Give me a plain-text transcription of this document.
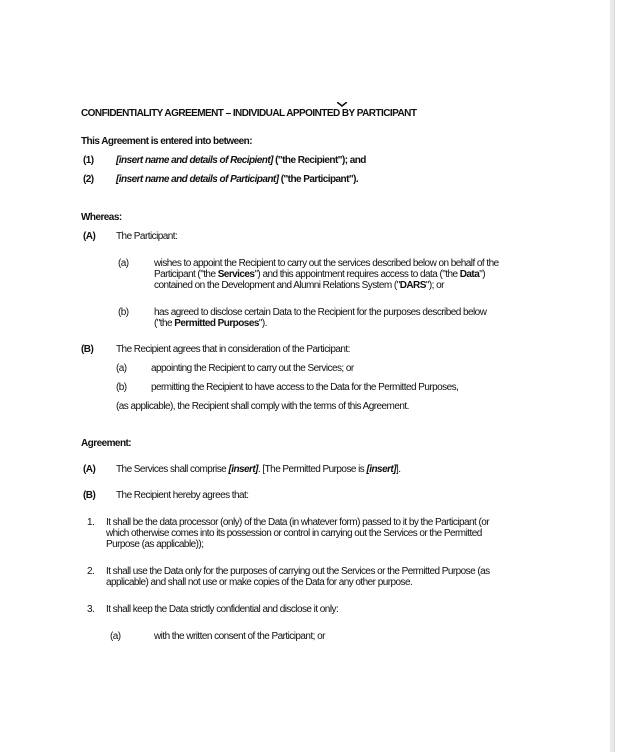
CONFIDENTIALITY AGREEMENT – INDIVIDUAL APPOINTED BY PARTICIPANT
This Agreement is entered into between:
(1) [insert name and details of Recipient] ("the Recipient"); and
(2) [insert name and details of Participant] ("the Participant").
Whereas:
(A) The Participant:
(a)	wishes to appoint the Recipient to carry out the services described below on behalf of the
Participant ("the Services") and this appointment requires access to data ("the Data")
contained on the Development and Alumni Relations System ("DARS"); or
(b)	has agreed to disclose certain Data to the Recipient for the purposes described below
("the Permitted Purposes").
(B) The Recipient agrees that in consideration of the Participant:
(a) appointing the Recipient to carry out the Services; or
(b) permitting the Recipient to have access to the Data for the Permitted Purposes,
(as applicable), the Recipient shall comply with the terms of this Agreement.
Agreement:
(A) The Services shall comprise [insert]. [The Permitted Purpose is [insert]].
(B) The Recipient hereby agrees that:
1. It shall be the data processor (only) of the Data (in whatever form) passed to it by the Participant (or
which otherwise comes into its possession or control in carrying out the Services or the Permitted
Purpose (as applicable));
2. It shall use the Data only for the purposes of carrying out the Services or the Permitted Purpose (as
applicable) and shall not use or make copies of the Data for any other purpose.
3. It shall keep the Data strictly confidential and disclose it only:
(a)	with the written consent of the Participant; or
